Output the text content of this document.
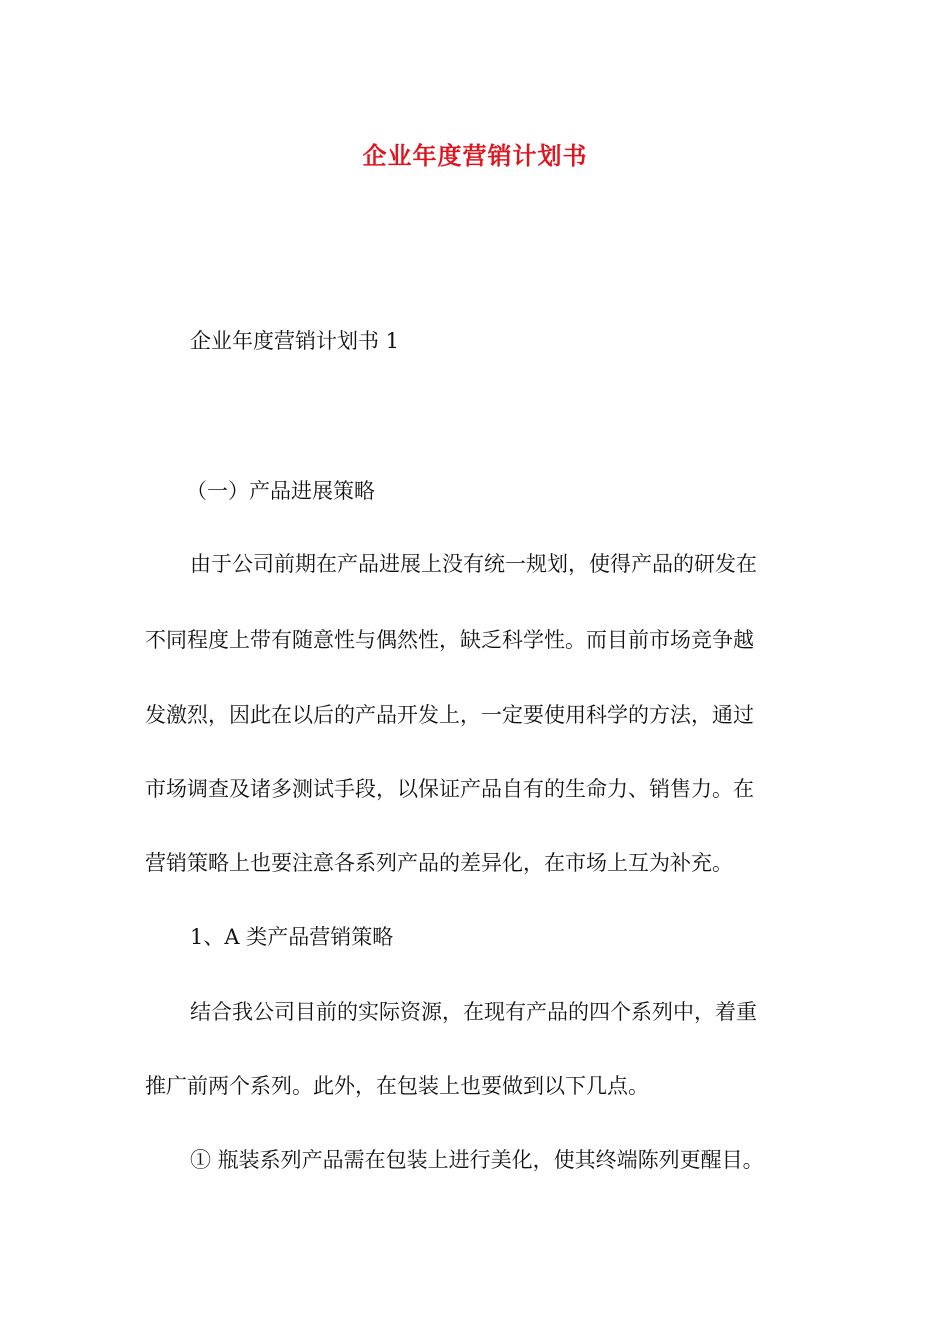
企业年度营销计划书
企业年度营销计划书 1
（一）产品进展策略
由于公司前期在产品进展上没有统一规划，使得产品的研发在
不同程度上带有随意性与偶然性，缺乏科学性。而目前市场竞争越
发激烈，因此在以后的产品开发上，一定要使用科学的方法，通过
市场调查及诸多测试手段，以保证产品自有的生命力、销售力。在
营销策略上也要注意各系列产品的差异化，在市场上互为补充。
1、A 类产品营销策略
结合我公司目前的实际资源，在现有产品的四个系列中，着重
推广前两个系列。此外，在包装上也要做到以下几点。
① 瓶装系列产品需在包装上进行美化，使其终端陈列更醒目。
